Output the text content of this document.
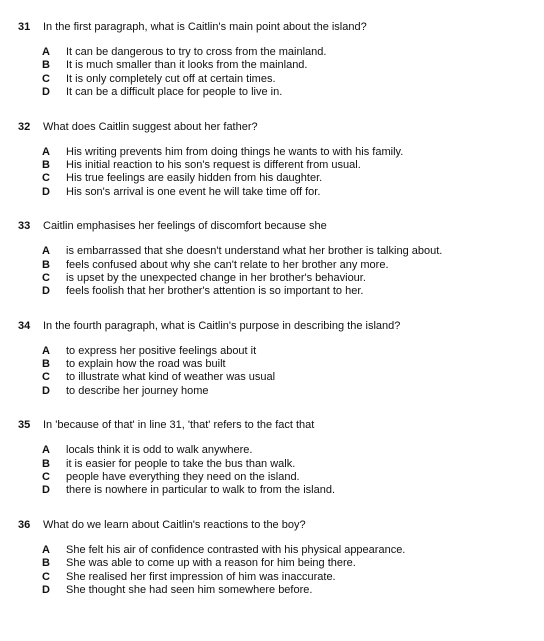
31	In the first paragraph, what is Caitlin's main point about the island?
A	It can be dangerous to try to cross from the mainland.
B	It is much smaller than it looks from the mainland.
C	It is only completely cut off at certain times.
D	It can be a difficult place for people to live in.
32	What does Caitlin suggest about her father?
A	His writing prevents him from doing things he wants to with his family.
B	His initial reaction to his son's request is different from usual.
C	His true feelings are easily hidden from his daughter.
D	His son's arrival is one event he will take time off for.
33	Caitlin emphasises her feelings of discomfort because she
A	is embarrassed that she doesn't understand what her brother is talking about.
B	feels confused about why she can't relate to her brother any more.
C	is upset by the unexpected change in her brother's behaviour.
D	feels foolish that her brother's attention is so important to her.
34	In the fourth paragraph, what is Caitlin's purpose in describing the island?
A	to express her positive feelings about it
B	to explain how the road was built
C	to illustrate what kind of weather was usual
D	to describe her journey home
35	In 'because of that' in line 31, 'that' refers to the fact that
A	locals think it is odd to walk anywhere.
B	it is easier for people to take the bus than walk.
C	people have everything they need on the island.
D	there is nowhere in particular to walk to from the island.
36	What do we learn about Caitlin's reactions to the boy?
A	She felt his air of confidence contrasted with his physical appearance.
B	She was able to come up with a reason for him being there.
C	She realised her first impression of him was inaccurate.
D	She thought she had seen him somewhere before.
